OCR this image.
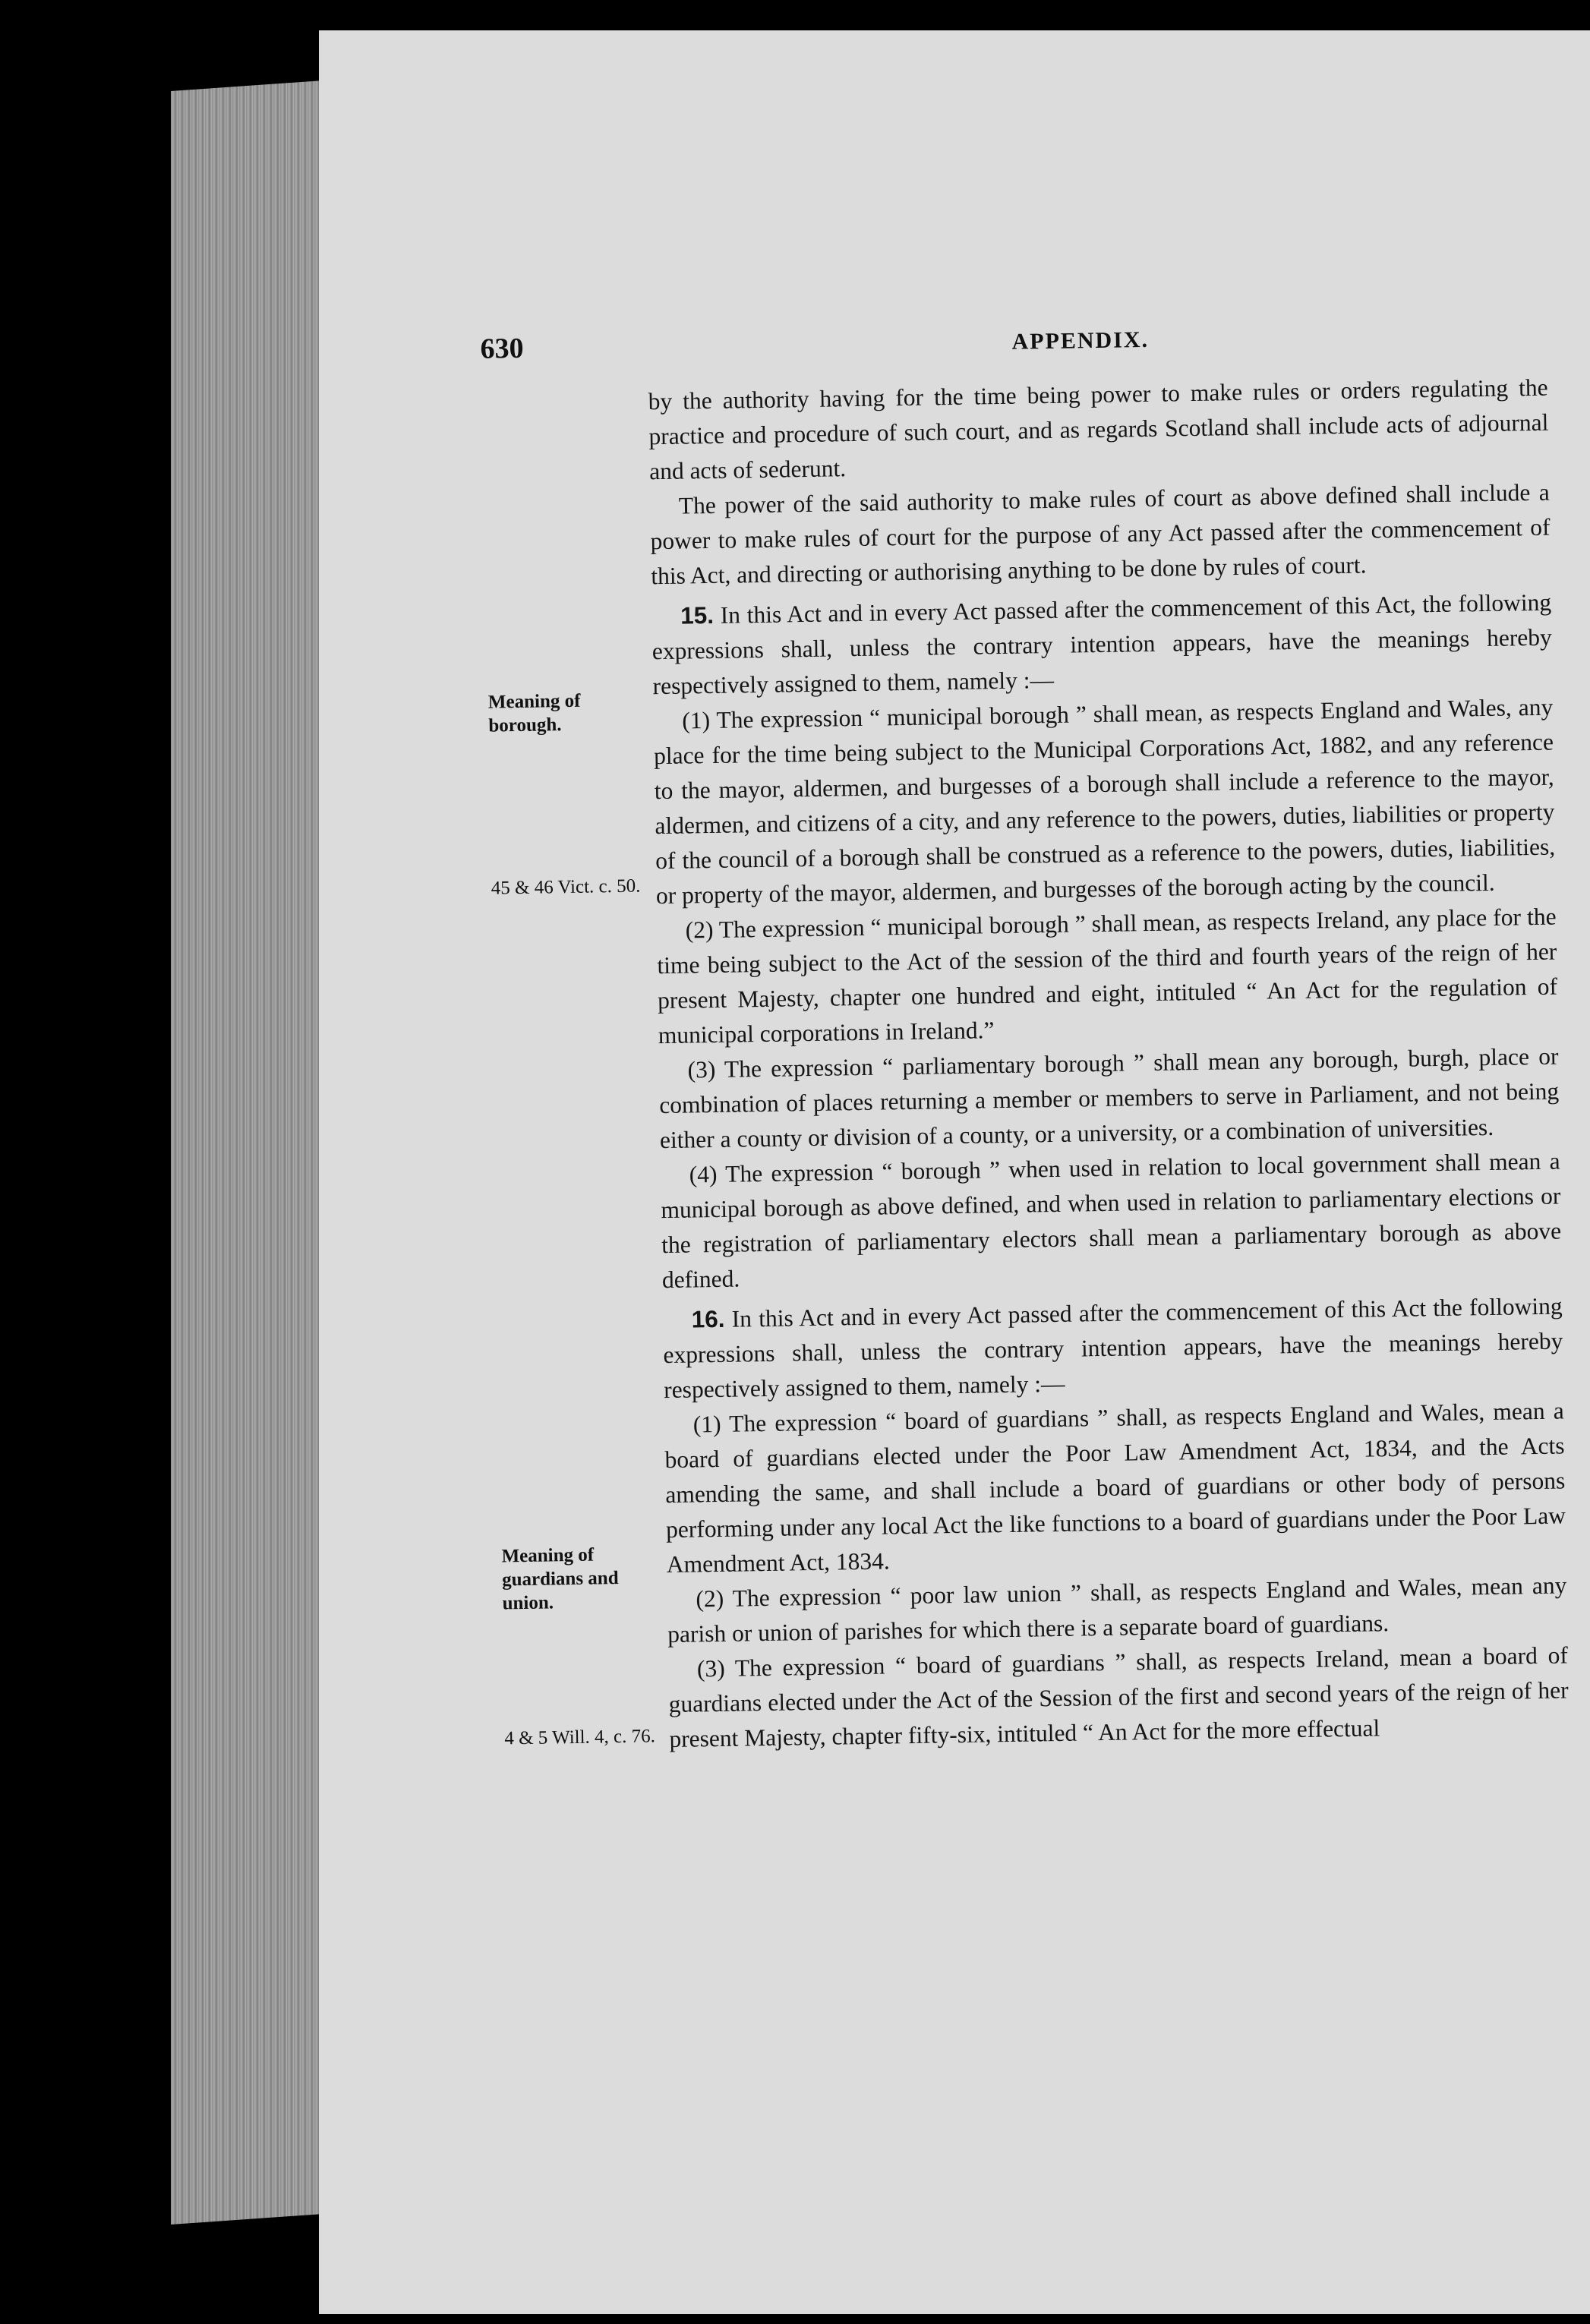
630	APPENDIX.
Meaning of borough.
45 & 46 Vict. c. 50.
Meaning of guardians and union.
4 & 5 Will. 4, c. 76.

by the authority having for the time being power to make rules or orders regulating the practice and procedure of such court, and as regards Scotland shall include acts of adjournal and acts of sederunt.

The power of the said authority to make rules of court as above defined shall include a power to make rules of court for the purpose of any Act passed after the commencement of this Act, and directing or authorising anything to be done by rules of court.

15. In this Act and in every Act passed after the commencement of this Act, the following expressions shall, unless the contrary intention appears, have the meanings hereby respectively assigned to them, namely :—

(1) The expression “ municipal borough ” shall mean, as respects England and Wales, any place for the time being subject to the Municipal Corporations Act, 1882, and any reference to the mayor, aldermen, and burgesses of a borough shall include a reference to the mayor, aldermen, and citizens of a city, and any reference to the powers, duties, liabilities or property of the council of a borough shall be construed as a reference to the powers, duties, liabilities, or property of the mayor, aldermen, and burgesses of the borough acting by the council.

(2) The expression “ municipal borough ” shall mean, as respects Ireland, any place for the time being subject to the Act of the session of the third and fourth years of the reign of her present Majesty, chapter one hundred and eight, intituled “ An Act for the regulation of municipal corporations in Ireland.”

(3) The expression “ parliamentary borough ” shall mean any borough, burgh, place or combination of places returning a member or members to serve in Parliament, and not being either a county or division of a county, or a university, or a combination of universities.

(4) The expression “ borough ” when used in relation to local government shall mean a municipal borough as above defined, and when used in relation to parliamentary elections or the registration of parliamentary electors shall mean a parliamentary borough as above defined.

16. In this Act and in every Act passed after the commencement of this Act the following expressions shall, unless the contrary intention appears, have the meanings hereby respectively assigned to them, namely :—

(1) The expression “ board of guardians ” shall, as respects England and Wales, mean a board of guardians elected under the Poor Law Amendment Act, 1834, and the Acts amending the same, and shall include a board of guardians or other body of persons performing under any local Act the like functions to a board of guardians under the Poor Law Amendment Act, 1834.

(2) The expression “ poor law union ” shall, as respects England and Wales, mean any parish or union of parishes for which there is a separate board of guardians.

(3) The expression “ board of guardians ” shall, as respects Ireland, mean a board of guardians elected under the Act of the Session of the first and second years of the reign of her present Majesty, chapter fifty-six, intituled “ An Act for the more effectual
